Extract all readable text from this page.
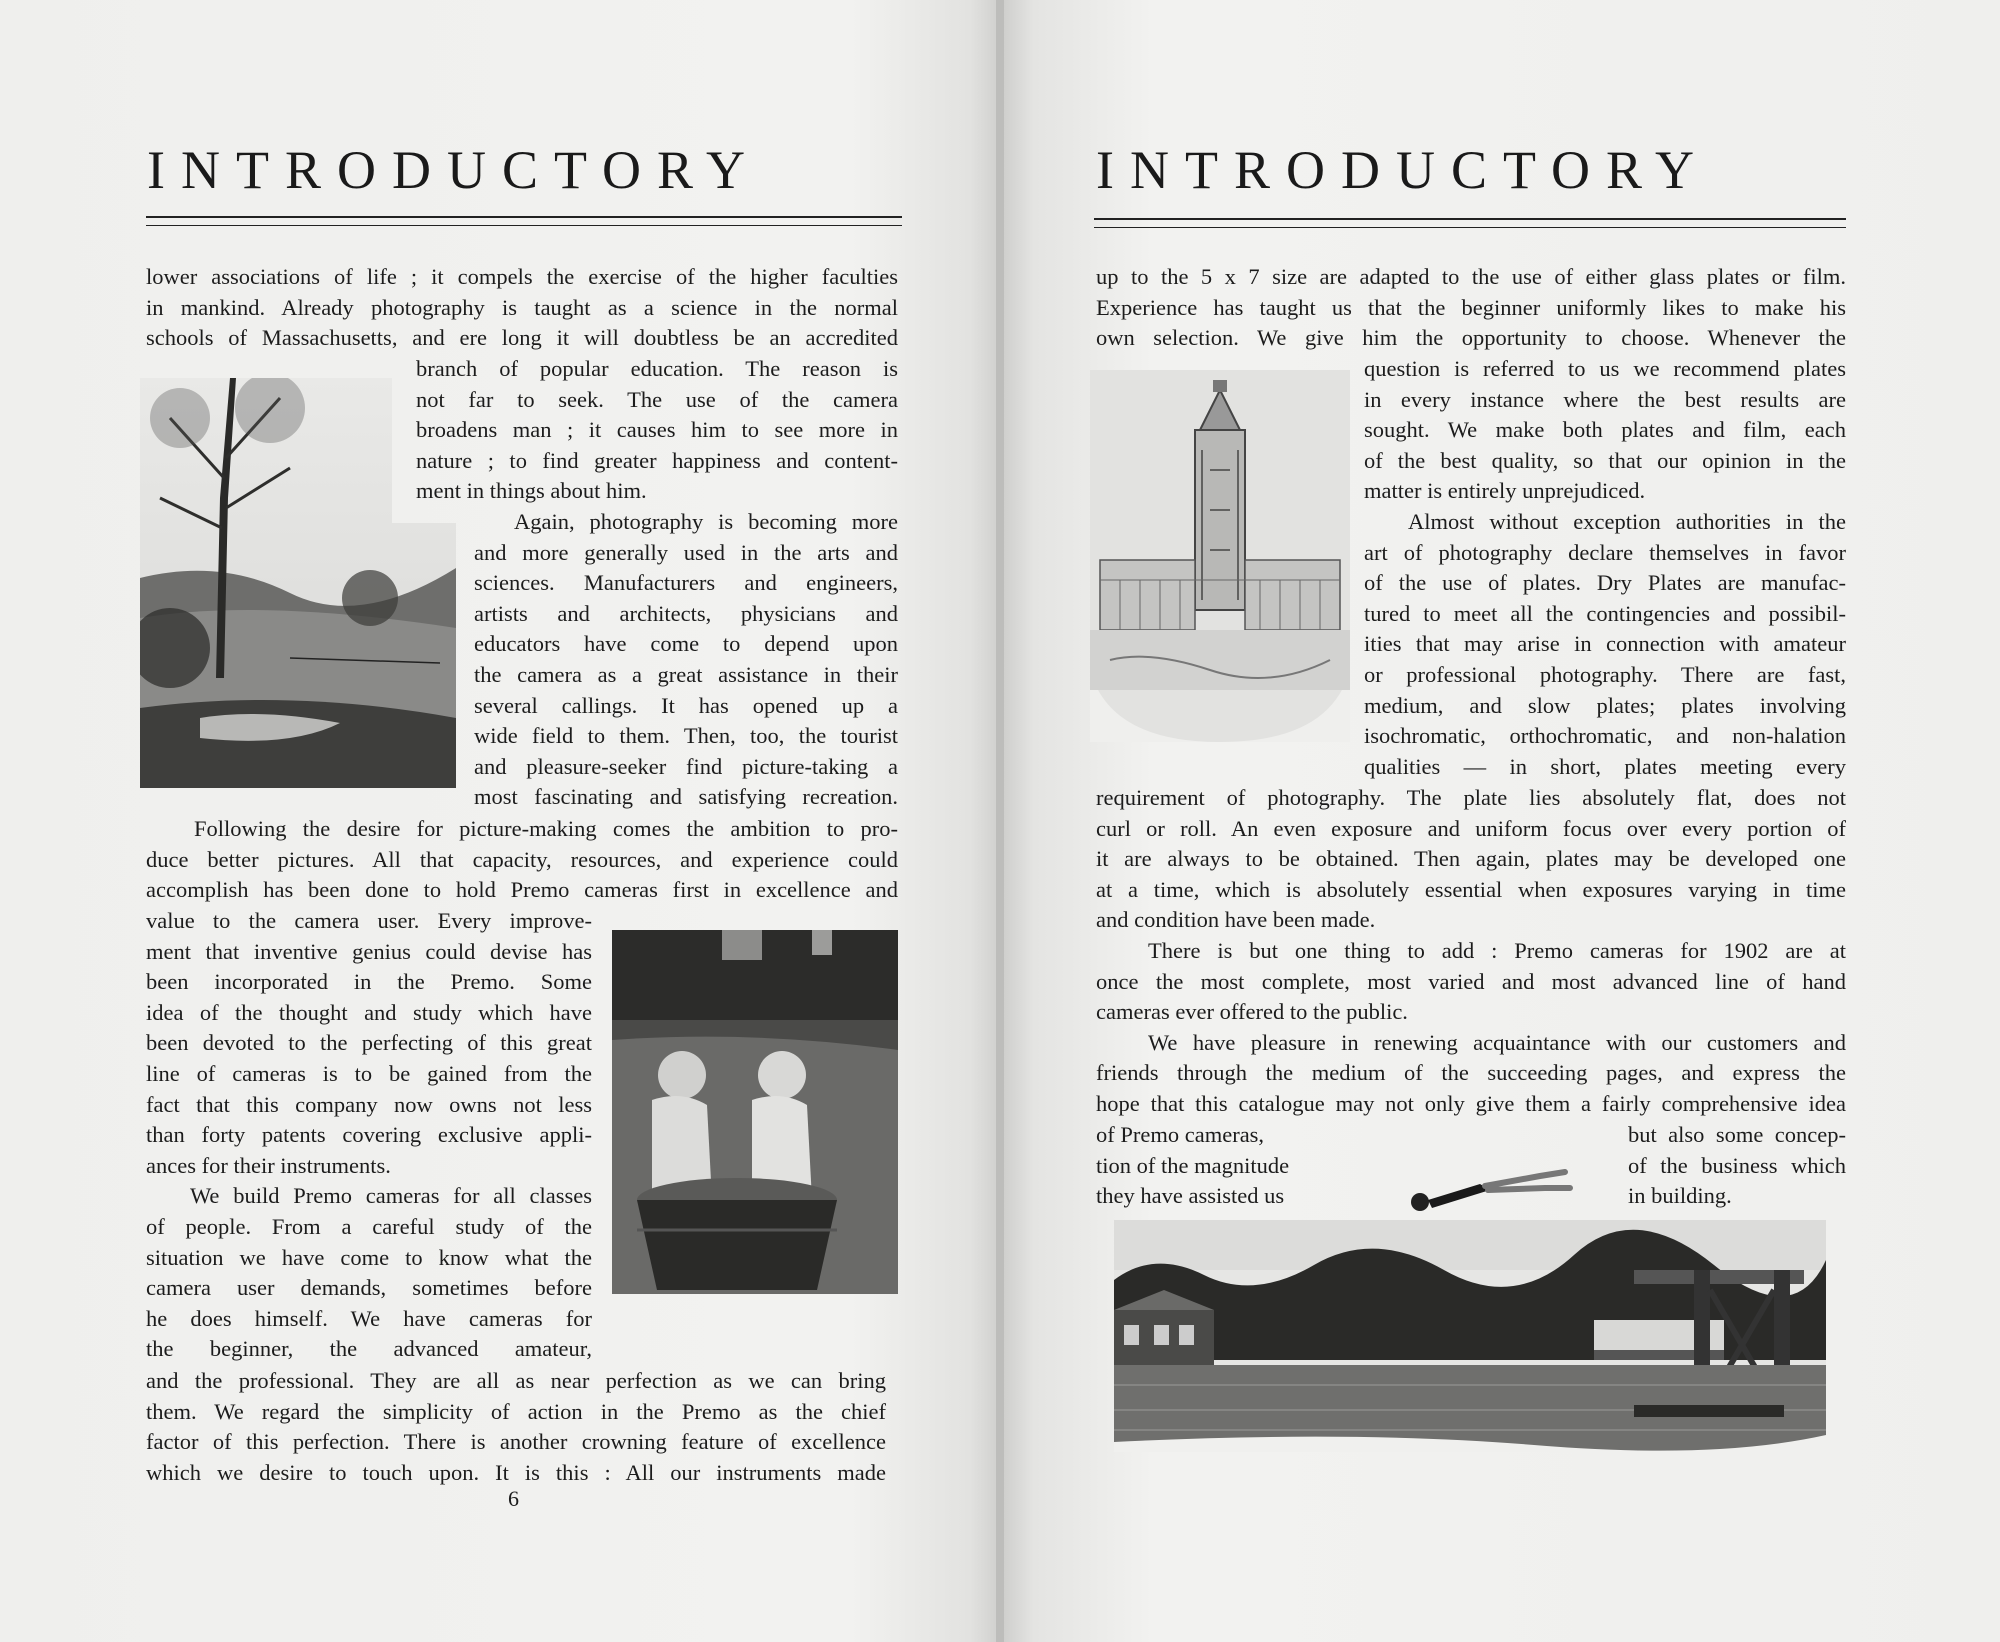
INTRODUCTORY
lower associations of life ; it compels the exercise of the higher faculties
in mankind. Already photography is taught as a science in the normal
schools of Massachusetts, and ere long it will doubtless be an accredited
branch of popular education. The reason is
not far to seek. The use of the camera
broadens man ; it causes him to see more in
nature ; to find greater happiness and content-
ment in things about him.
Again, photography is becoming more
and more generally used in the arts and
sciences. Manufacturers and engineers,
artists and architects, physicians and
educators have come to depend upon
the camera as a great assistance in their
several callings. It has opened up a
wide field to them. Then, too, the tourist
and pleasure-seeker find picture-taking a
most fascinating and satisfying recreation.
Following the desire for picture-making comes the ambition to pro-
duce better pictures. All that capacity, resources, and experience could
accomplish has been done to hold Premo cameras first in excellence and
value to the camera user. Every improve-
ment that inventive genius could devise has
been incorporated in the Premo. Some
idea of the thought and study which have
been devoted to the perfecting of this great
line of cameras is to be gained from the
fact that this company now owns not less
than forty patents covering exclusive appli-
ances for their instruments.
We build Premo cameras for all classes
of people. From a careful study of the
situation we have come to know what the
camera user demands, sometimes before
he does himself. We have cameras for
the beginner, the advanced amateur,
and the professional. They are all as near perfection as we can bring
them. We regard the simplicity of action in the Premo as the chief
factor of this perfection. There is another crowning feature of excellence
which we desire to touch upon. It is this : All our instruments made
6
INTRODUCTORY
up to the 5 x 7 size are adapted to the use of either glass plates or film.
Experience has taught us that the beginner uniformly likes to make his
own selection. We give him the opportunity to choose. Whenever the
question is referred to us we recommend plates
in every instance where the best results are
sought. We make both plates and film, each
of the best quality, so that our opinion in the
matter is entirely unprejudiced.
Almost without exception authorities in the
art of photography declare themselves in favor
of the use of plates. Dry Plates are manufac-
tured to meet all the contingencies and possibil-
ities that may arise in connection with amateur
or professional photography. There are fast,
medium, and slow plates; plates involving
isochromatic, orthochromatic, and non-halation
qualities — in short, plates meeting every
requirement of photography. The plate lies absolutely flat, does not
curl or roll. An even exposure and uniform focus over every portion of
it are always to be obtained. Then again, plates may be developed one
at a time, which is absolutely essential when exposures varying in time
and condition have been made.
There is but one thing to add : Premo cameras for 1902 are at
once the most complete, most varied and most advanced line of hand
cameras ever offered to the public.
We have pleasure in renewing acquaintance with our customers and
friends through the medium of the succeeding pages, and express the
hope that this catalogue may not only give them a fairly comprehensive idea
of Premo cameras,
tion of the magnitude
they have assisted us
but also some concep-
of the business which
in building.
